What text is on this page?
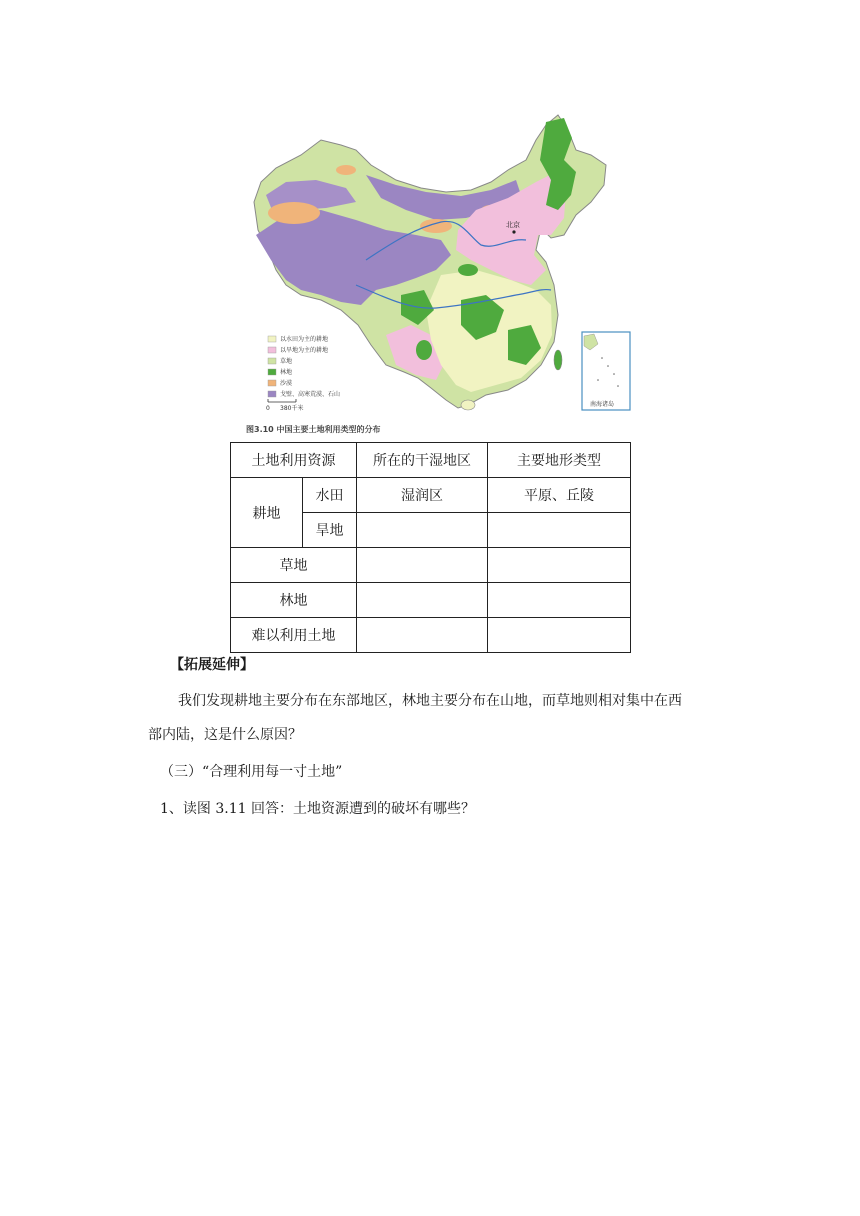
北京
以水田为主的耕地
以旱地为主的耕地
草地
林地
沙漠
戈壁、高寒荒漠、石山
0 380千米
南海诸岛
图3.10 中国主要土地利用类型的分布
土地利用资源		所在的干湿地区	主要地形类型
耕地	水田	湿润区	平原、丘陵
	旱地		
草地			
林地			
难以利用土地			
【拓展延伸】
我们发现耕地主要分布在东部地区，林地主要分布在山地，而草地则相对集中在西
部内陆，这是什么原因？
（三）“合理利用每一寸土地”
1、读图 3.11 回答：土地资源遭到的破坏有哪些？
